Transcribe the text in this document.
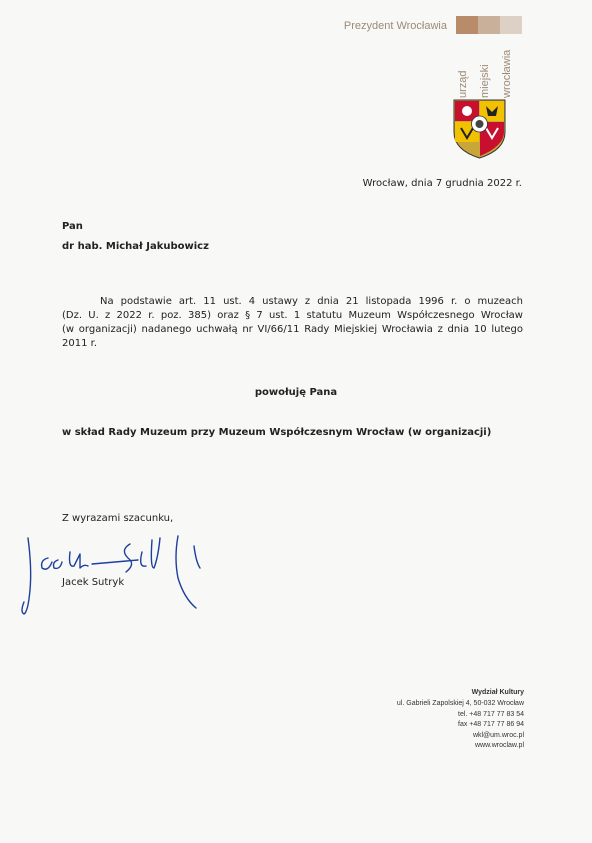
Prezydent Wrocławia
urząd miejski wrocławia
Wrocław, dnia 7 grudnia 2022 r.
Pan
dr hab. Michał Jakubowicz
Na podstawie art. 11 ust. 4 ustawy z dnia 21 listopada 1996 r. o muzeach
(Dz. U. z 2022 r. poz. 385) oraz § 7 ust. 1 statutu Muzeum Współczesnego Wrocław
(w organizacji) nadanego uchwałą nr VI/66/11 Rady Miejskiej Wrocławia z dnia 10 lutego
2011 r.
powołuję Pana
w skład Rady Muzeum przy Muzeum Współczesnym Wrocław (w organizacji)
Z wyrazami szacunku,
Jacek Sutryk
Wydział Kultury
ul. Gabrieli Zapolskiej 4, 50-032 Wrocław
tel. +48 717 77 83 54
fax +48 717 77 86 94
wkl@um.wroc.pl
www.wroclaw.pl
